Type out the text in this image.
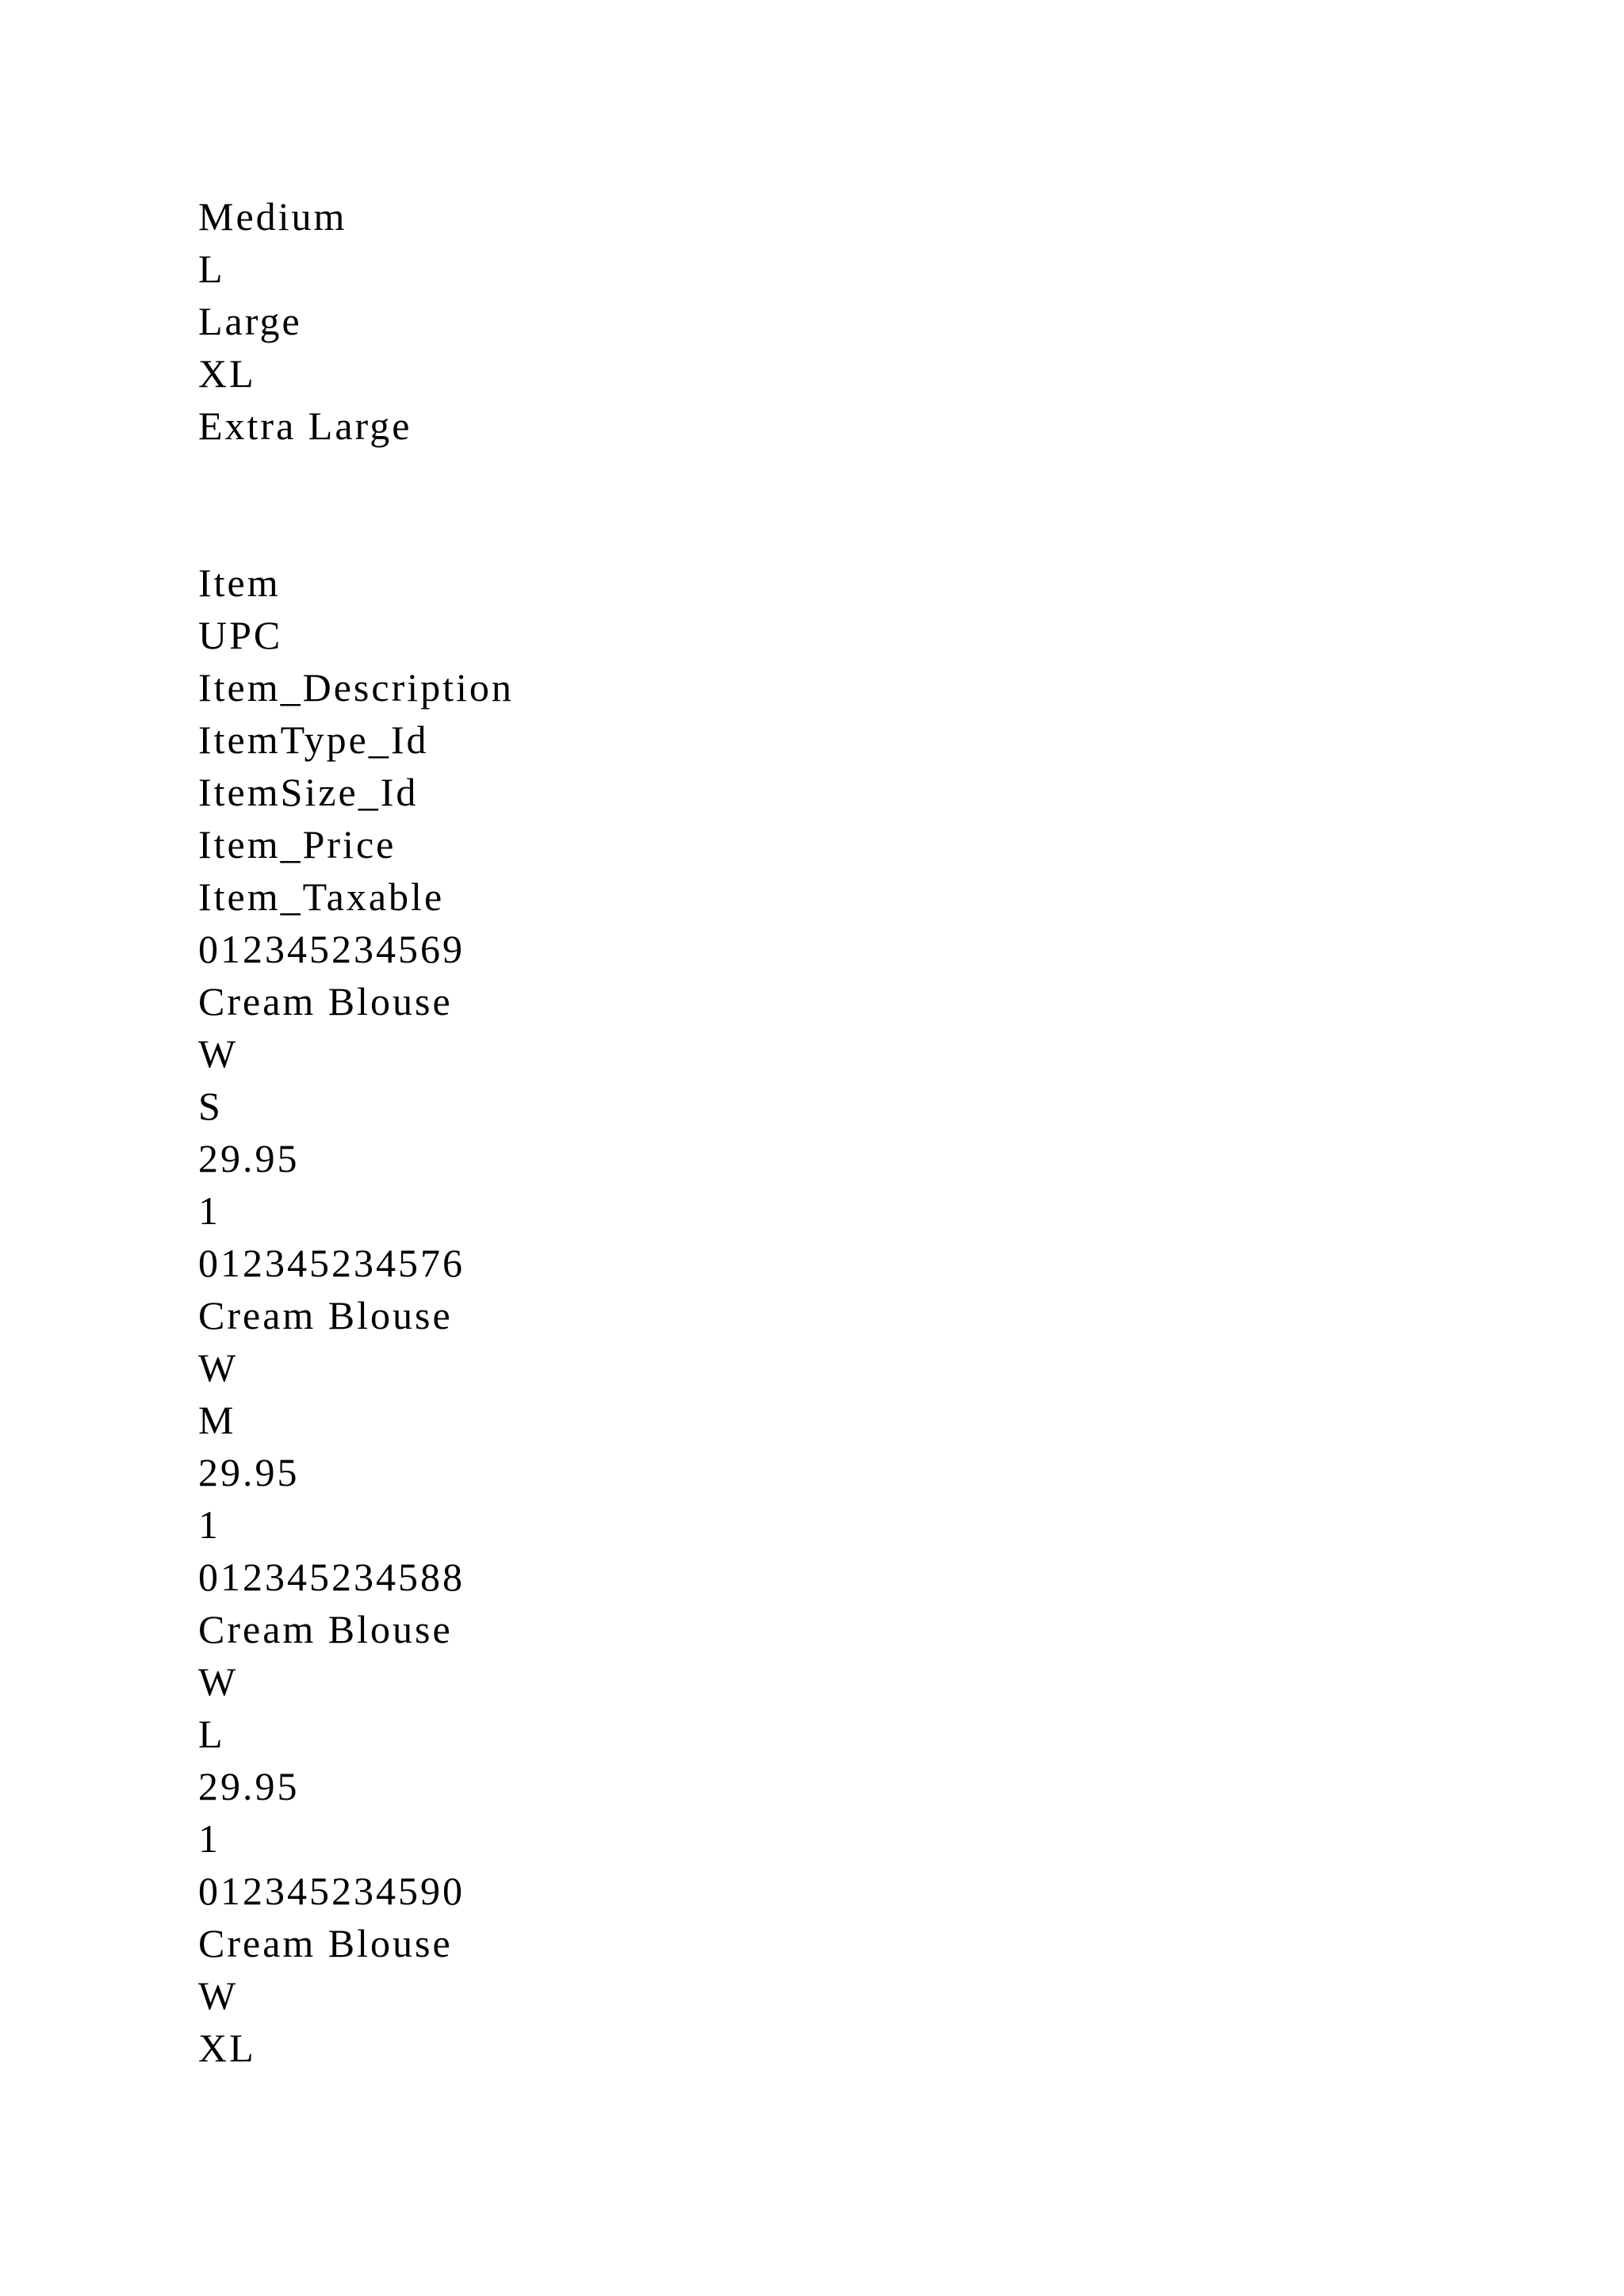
Medium
L
Large
XL
Extra Large
Item
UPC
Item_Description
ItemType_Id
ItemSize_Id
Item_Price
Item_Taxable
012345234569
Cream Blouse
W
S
29.95
1
012345234576
Cream Blouse
W
M
29.95
1
012345234588
Cream Blouse
W
L
29.95
1
012345234590
Cream Blouse
W
XL
